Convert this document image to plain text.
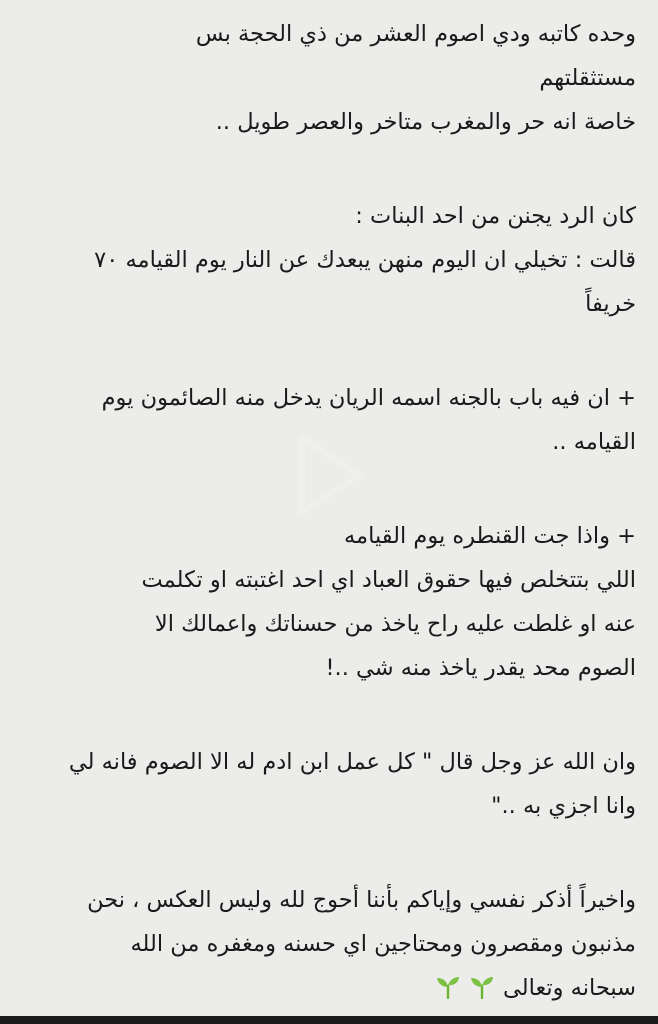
وحده كاتبه ودي اصوم العشر من ذي الحجة بس
مستثقلتهم
خاصة انه حر والمغرب متاخر والعصر طويل ..
كان الرد يجنن من احد البنات :
قالت : تخيلي ان اليوم منهن يبعدك عن النار يوم القيامه ٧٠
خريفاً
+ ان فيه باب بالجنه اسمه الريان يدخل منه الصائمون يوم
القيامه ..
+ واذا جت القنطره يوم القيامه
اللي بتتخلص فيها حقوق العباد اي احد اغتبته او تكلمت
عنه او غلطت عليه راح ياخذ من حسناتك واعمالك الا
الصوم محد يقدر ياخذ منه شي ..!
وان الله عز وجل قال " كل عمل ابن ادم له الا الصوم فانه لي
وانا اجزي به .."
واخيراً أذكر نفسي وإياكم بأننا أحوج لله وليس العكس ، نحن
مذنبون ومقصرون ومحتاجين اي حسنه ومغفره من الله
سبحانه وتعالى
